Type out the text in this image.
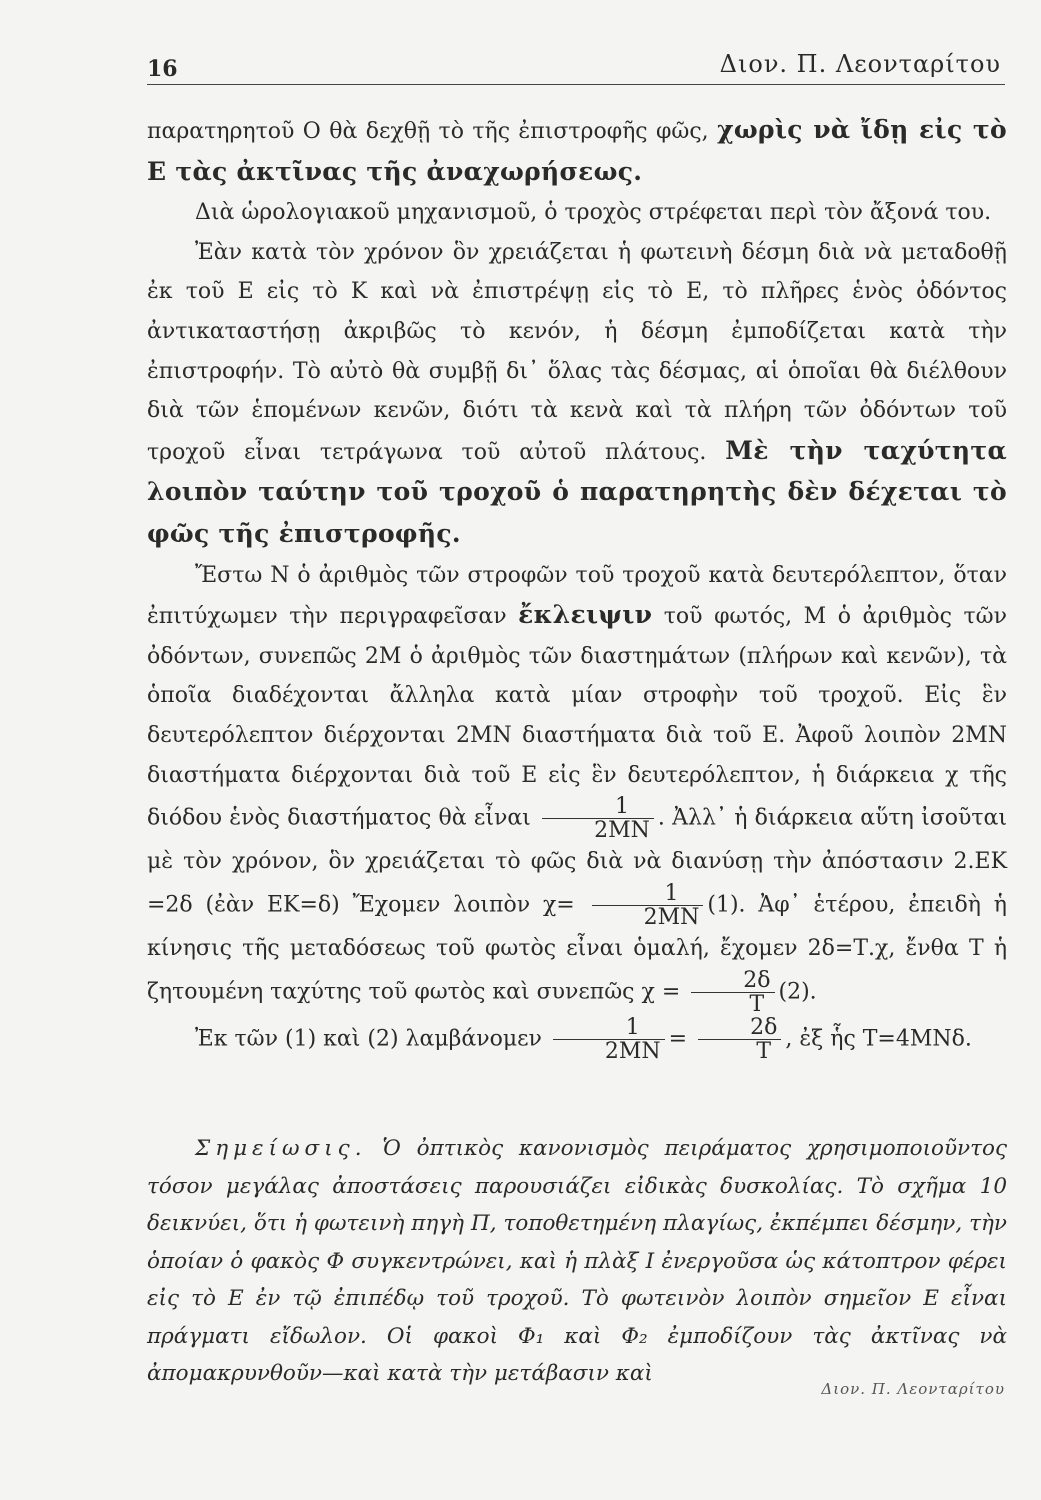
16	Διον. Π. Λεονταρίτου

παρατηρητοῦ Ο θὰ δεχθῇ τὸ τῆς ἐπιστροφῆς φῶς, χωρὶς νὰ ἴδῃ εἰς τὸ Ε τὰς ἀκτῖνας τῆς ἀναχωρήσεως.

Διὰ ὡρολογιακοῦ μηχανισμοῦ, ὁ τροχὸς στρέφεται περὶ τὸν ἄξονά του.

Ἐὰν κατὰ τὸν χρόνον ὃν χρειάζεται ἡ φωτεινὴ δέσμη διὰ νὰ μεταδοθῇ ἐκ τοῦ Ε εἰς τὸ Κ καὶ νὰ ἐπιστρέψῃ εἰς τὸ Ε, τὸ πλῆρες ἑνὸς ὀδόντος ἀντικαταστήσῃ ἀκριβῶς τὸ κενόν, ἡ δέσμη ἐμποδίζεται κατὰ τὴν ἐπιστροφήν. Τὸ αὐτὸ θὰ συμβῇ δι᾿ ὅλας τὰς δέσμας, αἱ ὁποῖαι θὰ διέλθουν διὰ τῶν ἑπομένων κενῶν, διότι τὰ κενὰ καὶ τὰ πλήρη τῶν ὀδόντων τοῦ τροχοῦ εἶναι τετράγωνα τοῦ αὐτοῦ πλάτους. Μὲ τὴν ταχύτητα λοιπὸν ταύτην τοῦ τροχοῦ ὁ παρατηρητὴς δὲν δέχεται τὸ φῶς τῆς ἐπιστροφῆς.

Ἔστω Ν ὁ ἀριθμὸς τῶν στροφῶν τοῦ τροχοῦ κατὰ δευτερόλεπτον, ὅταν ἐπιτύχωμεν τὴν περιγραφεῖσαν ἔκλειψιν τοῦ φωτός, Μ ὁ ἀριθμὸς τῶν ὀδόντων, συνεπῶς 2Μ ὁ ἀριθμὸς τῶν διαστημάτων (πλήρων καὶ κενῶν), τὰ ὁποῖα διαδέχονται ἄλληλα κατὰ μίαν στροφὴν τοῦ τροχοῦ. Εἰς ἓν δευτερόλεπτον διέρχονται 2ΜΝ διαστήματα διὰ τοῦ Ε. Ἀφοῦ λοιπὸν 2ΜΝ διαστήματα διέρχονται διὰ τοῦ Ε εἰς ἓν δευτερόλεπτον, ἡ διάρκεια χ τῆς διόδου ἑνὸς διαστήματος θὰ εἶναι $\frac{1}{2MN}$ . Ἀλλ᾿ ἡ διάρκεια αὕτη ἰσοῦται μὲ τὸν χρόνον, ὃν χρειάζεται τὸ φῶς διὰ νὰ διανύσῃ τὴν ἀπόστασιν 2.ΕΚ =2δ (ἐὰν ΕΚ=δ) Ἔχομεν λοιπὸν $\chi= \frac{1}{2MN} (1)$. Ἀφ᾿ ἑτέρου, ἐπειδὴ ἡ κίνησις τῆς μεταδόσεως τοῦ φωτὸς εἶναι ὁμαλή, ἔχομεν 2δ=Τ.χ, ἔνθα Τ ἡ ζητουμένη ταχύτης τοῦ φωτὸς καὶ συνεπῶς $\chi = \frac{2\delta}{T} (2)$.

Ἐκ τῶν (1) καὶ (2) λαμβάνομεν $\frac{1}{2MN} = \frac{2\delta}{T}$ , ἐξ ἧς Τ=4ΜΝδ.

Σημείωσις. Ὁ ὀπτικὸς κανονισμὸς πειράματος χρησιμοποιοῦντος τόσον μεγάλας ἀποστάσεις παρουσιάζει εἰδικὰς δυσκολίας. Τὸ σχῆμα 10 δεικνύει, ὅτι ἡ φωτεινὴ πηγὴ Π, τοποθετημένη πλαγίως, ἐκπέμπει δέσμην, τὴν ὁποίαν ὁ φακὸς Φ συγκεντρώνει, καὶ ἡ πλὰξ Ι ἐνεργοῦσα ὡς κάτοπτρον φέρει εἰς τὸ Ε ἐν τῷ ἐπιπέδῳ τοῦ τροχοῦ. Τὸ φωτεινὸν λοιπὸν σημεῖον Ε εἶναι πράγματι εἴδωλον. Οἱ φακοὶ Φ₁ καὶ Φ₂ ἐμποδίζουν τὰς ἀκτῖνας νὰ ἀπομακρυνθοῦν—καὶ κατὰ τὴν μετάβασιν καὶ

Διον. Π. Λεονταρίτου
